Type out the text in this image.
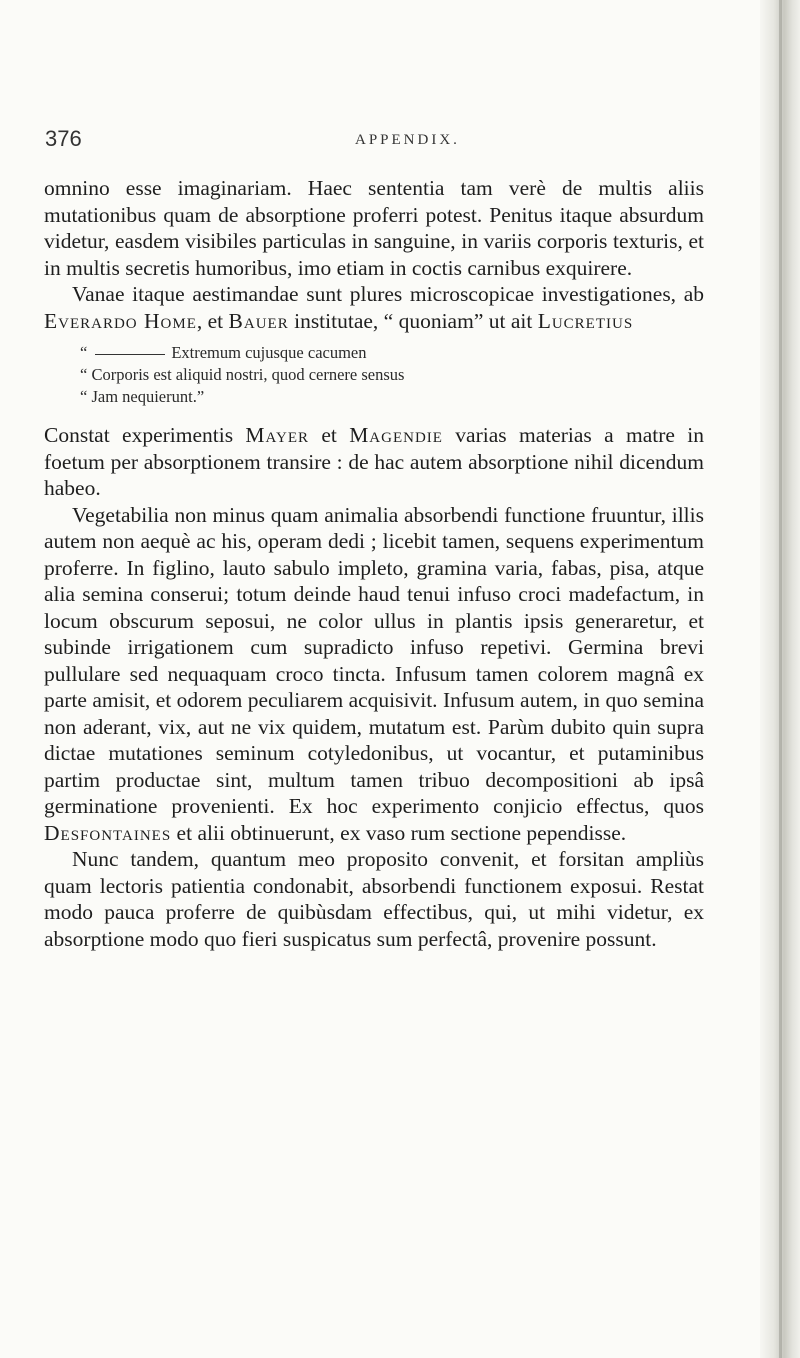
376	APPENDIX.

omnino esse imaginariam. Haec sententia tam verè de multis aliis mutationibus quam de absorptione proferri potest. Penitus itaque absurdum videtur, easdem visibiles particulas in sanguine, in variis corporis texturis, et in multis secretis humoribus, imo etiam in coctis carnibus exquirere.

Vanae itaque aestimandae sunt plures microscopicae investigationes, ab Everardo Home, et Bauer institutae, “ quoniam” ut ait Lucretius

“	Extremum cujusque cacumen
“ Corporis est aliquid nostri, quod cernere sensus
“ Jam nequierunt.”

Constat experimentis Mayer et Magendie varias materias a matre in foetum per absorptionem transire : de hac autem absorptione nihil dicendum habeo.

Vegetabilia non minus quam animalia absorbendi functione fruuntur, illis autem non aequè ac his, operam dedi ; licebit tamen, sequens experimentum proferre. In figlino, lauto sabulo impleto, gramina varia, fabas, pisa, atque alia semina conserui; totum deinde haud tenui infuso croci madefactum, in locum obscurum seposui, ne color ullus in plantis ipsis generaretur, et subinde irrigationem cum supradicto infuso repetivi. Germina brevi pullulare sed nequaquam croco tincta. Infusum tamen colorem magnâ ex parte amisit, et odorem peculiarem acquisivit. Infusum autem, in quo semina non aderant, vix, aut ne vix quidem, mutatum est. Parùm dubito quin supra dictae mutationes seminum cotyledonibus, ut vocantur, et putaminibus partim productae sint, multum tamen tribuo decompositioni ab ipsâ germinatione provenienti. Ex hoc experimento conjicio effectus, quos Desfontaines et alii obtinuerunt, ex vaso rum sectione pependisse.

Nunc tandem, quantum meo proposito convenit, et forsitan ampliùs quam lectoris patientia condonabit, absorbendi functionem exposui. Restat modo pauca proferre de quibùsdam effectibus, qui, ut mihi videtur, ex absorptione modo quo fieri suspicatus sum perfectâ, provenire possunt.
